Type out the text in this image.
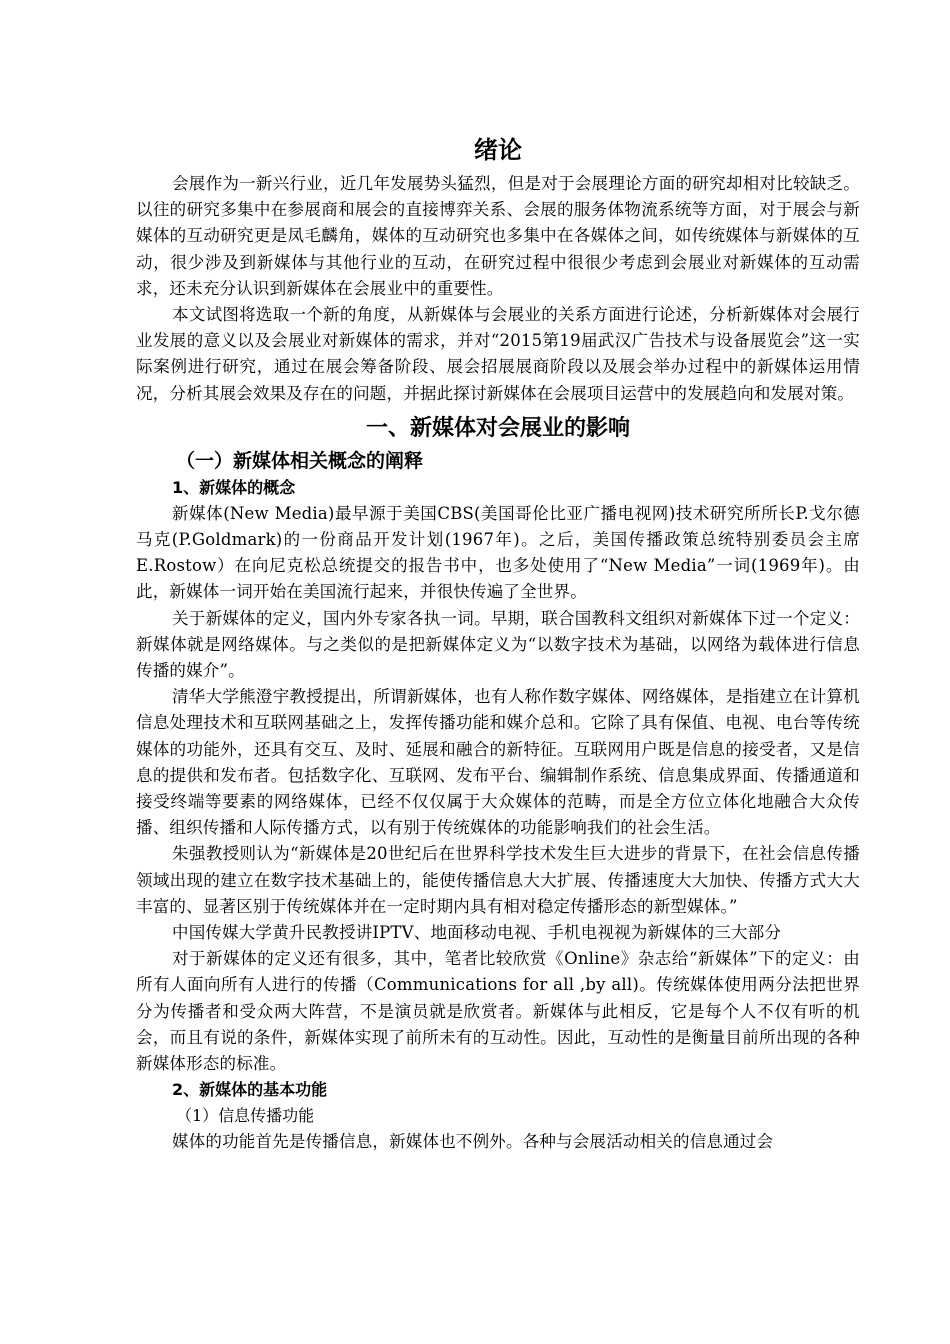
绪论

会展作为一新兴行业，近几年发展势头猛烈，但是对于会展理论方面的研究却相对比较缺乏。以往的研究多集中在参展商和展会的直接博弈关系、会展的服务体物流系统等方面，对于展会与新媒体的互动研究更是凤毛麟角，媒体的互动研究也多集中在各媒体之间，如传统媒体与新媒体的互动，很少涉及到新媒体与其他行业的互动，在研究过程中很很少考虑到会展业对新媒体的互动需求，还未充分认识到新媒体在会展业中的重要性。

本文试图将选取一个新的角度，从新媒体与会展业的关系方面进行论述，分析新媒体对会展行业发展的意义以及会展业对新媒体的需求，并对“2015第19届武汉广告技术与设备展览会”这一实际案例进行研究，通过在展会筹备阶段、展会招展展商阶段以及展会举办过程中的新媒体运用情况，分析其展会效果及存在的问题，并据此探讨新媒体在会展项目运营中的发展趋向和发展对策。

一、新媒体对会展业的影响
（一）新媒体相关概念的阐释
1、新媒体的概念

新媒体(New Media)最早源于美国CBS(美国哥伦比亚广播电视网)技术研究所所长P.戈尔德马克(P.Goldmark)的一份商品开发计划(1967年)。之后，美国传播政策总统特别委员会主席E.Rostow）在向尼克松总统提交的报告书中，也多处使用了“New Media”一词(1969年)。由此，新媒体一词开始在美国流行起来，并很快传遍了全世界。

关于新媒体的定义，国内外专家各执一词。早期，联合国教科文组织对新媒体下过一个定义：新媒体就是网络媒体。与之类似的是把新媒体定义为“以数字技术为基础，以网络为载体进行信息传播的媒介”。

清华大学熊澄宇教授提出，所谓新媒体，也有人称作数字媒体、网络媒体，是指建立在计算机信息处理技术和互联网基础之上，发挥传播功能和媒介总和。它除了具有保值、电视、电台等传统媒体的功能外，还具有交互、及时、延展和融合的新特征。互联网用户既是信息的接受者，又是信息的提供和发布者。包括数字化、互联网、发布平台、编辑制作系统、信息集成界面、传播通道和接受终端等要素的网络媒体，已经不仅仅属于大众媒体的范畴，而是全方位立体化地融合大众传播、组织传播和人际传播方式，以有别于传统媒体的功能影响我们的社会生活。

朱强教授则认为“新媒体是20世纪后在世界科学技术发生巨大进步的背景下，在社会信息传播领域出现的建立在数字技术基础上的，能使传播信息大大扩展、传播速度大大加快、传播方式大大丰富的、显著区别于传统媒体并在一定时期内具有相对稳定传播形态的新型媒体。”

中国传媒大学黄升民教授讲IPTV、地面移动电视、手机电视视为新媒体的三大部分

对于新媒体的定义还有很多，其中，笔者比较欣赏《Online》杂志给“新媒体”下的定义：由所有人面向所有人进行的传播（Communications for all ,by all)。传统媒体使用两分法把世界分为传播者和受众两大阵营，不是演员就是欣赏者。新媒体与此相反，它是每个人不仅有听的机会，而且有说的条件，新媒体实现了前所未有的互动性。因此，互动性的是衡量目前所出现的各种新媒体形态的标准。

2、新媒体的基本功能
（1）信息传播功能

媒体的功能首先是传播信息，新媒体也不例外。各种与会展活动相关的信息通过会
